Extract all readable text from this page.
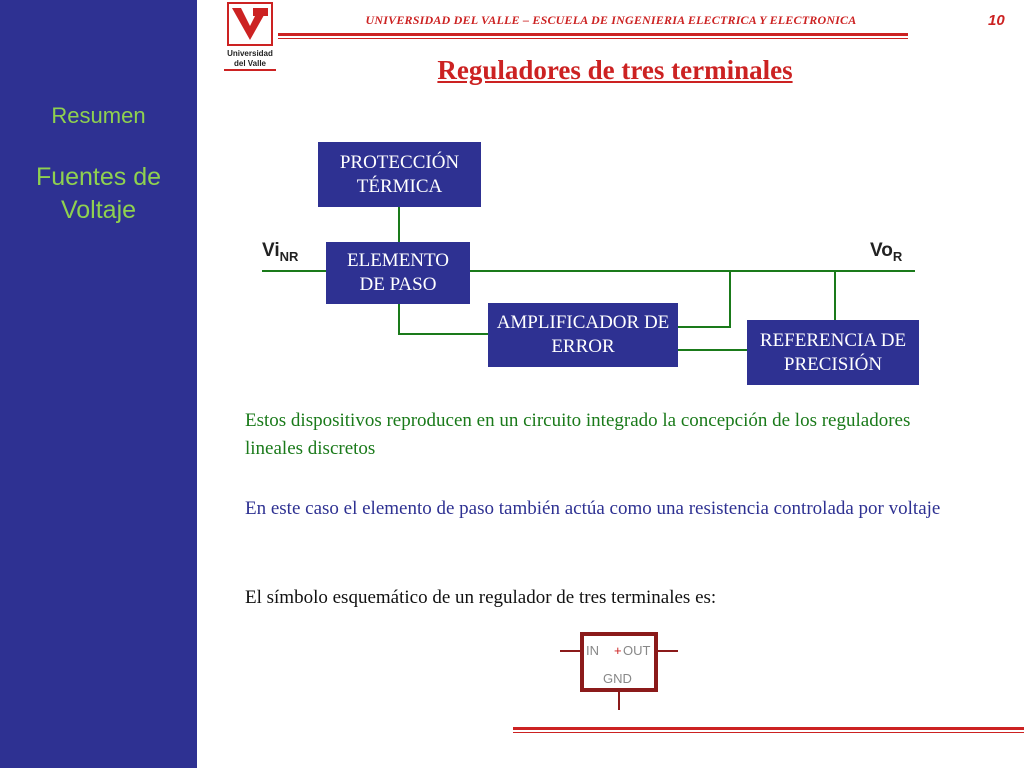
Resumen
Fuentes de Voltaje
Universidad
del Valle
UNIVERSIDAD DEL VALLE – ESCUELA DE INGENIERIA ELECTRICA Y ELECTRONICA	10
Reguladores de tres terminales
PROTECCIÓN TÉRMICA
ELEMENTO DE PASO
AMPLIFICADOR DE ERROR	REFERENCIA DE PRECISIÓN
$Vi_{NR}$	$Vo_R$
Estos dispositivos reproducen en un circuito integrado la concepción de los reguladores lineales discretos
En este caso el elemento de paso también actúa como una resistencia controlada por voltaje
El símbolo esquemático de un regulador de tres terminales es:
IN + OUT
GND
